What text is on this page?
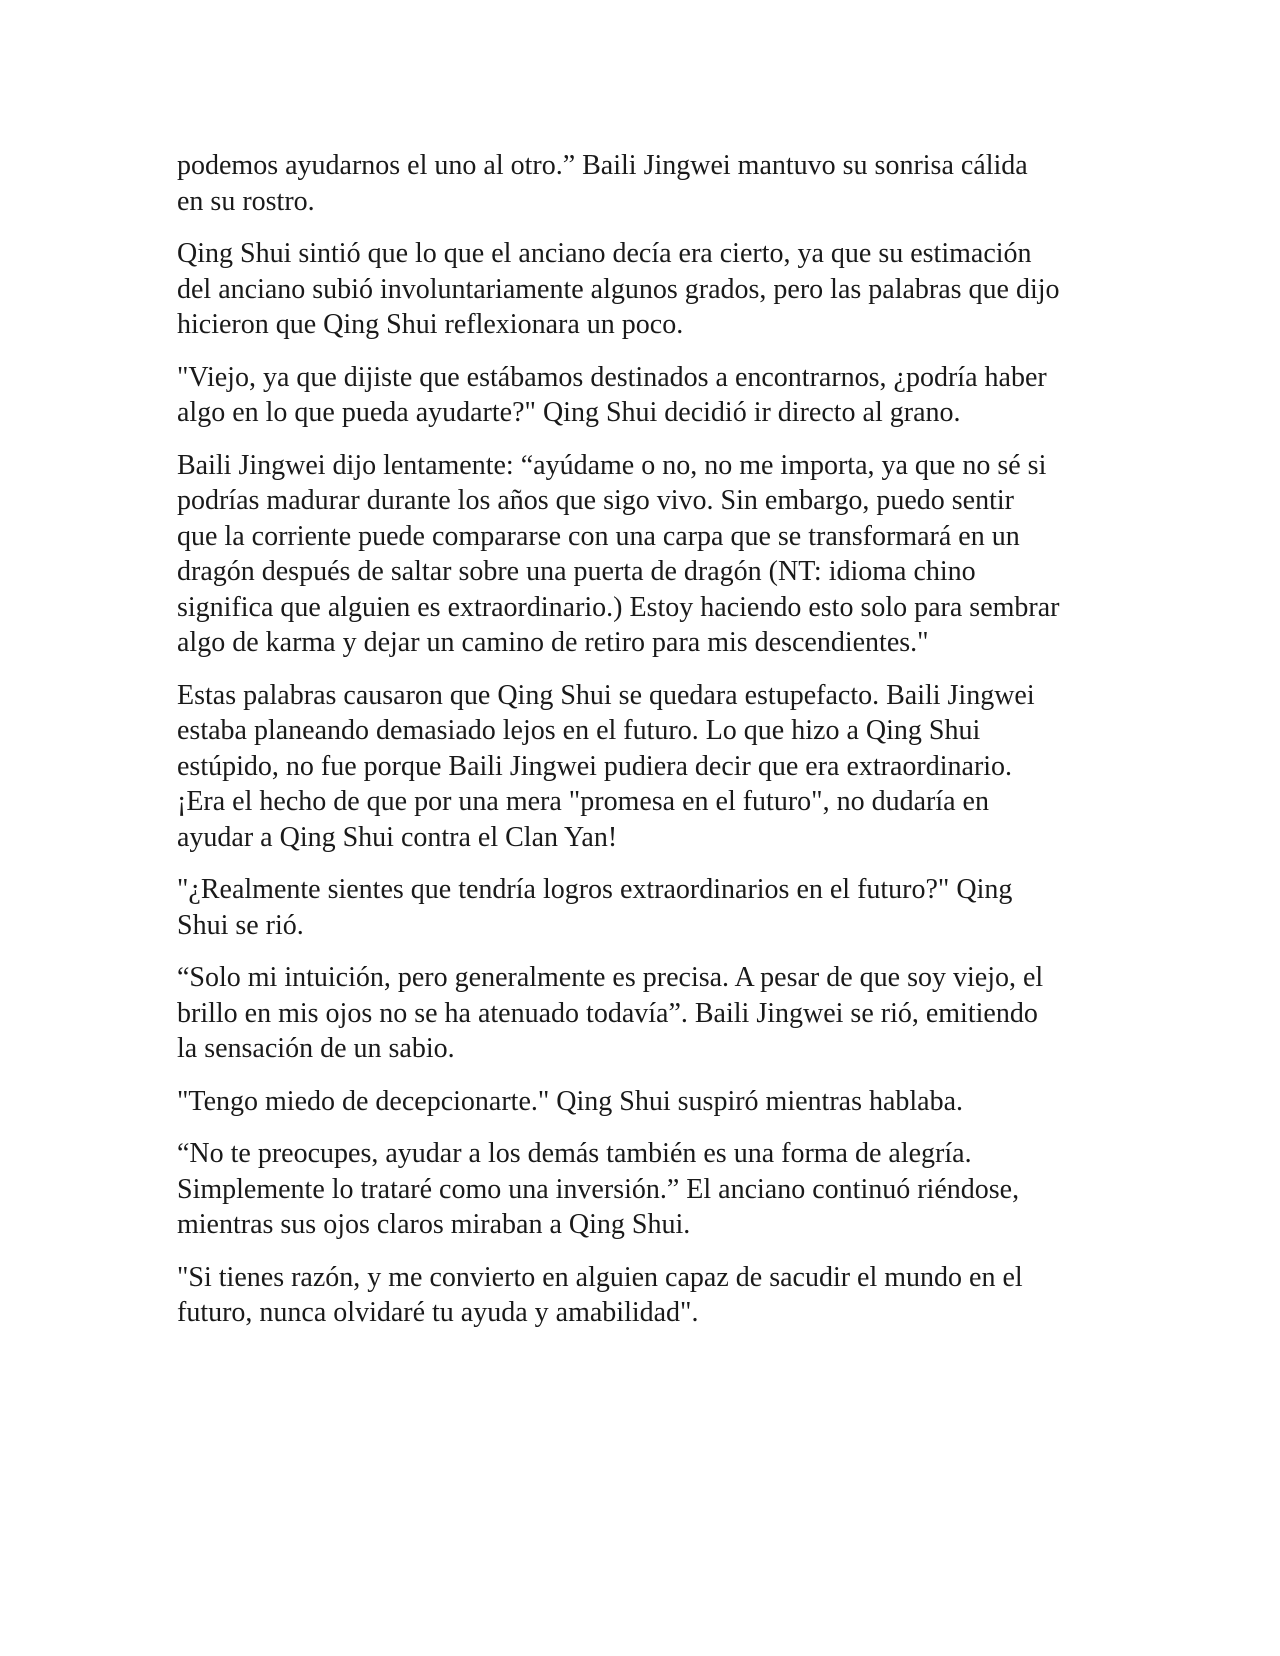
podemos ayudarnos el uno al otro.” Baili Jingwei mantuvo su sonrisa cálida
en su rostro.

Qing Shui sintió que lo que el anciano decía era cierto, ya que su estimación
del anciano subió involuntariamente algunos grados, pero las palabras que dijo
hicieron que Qing Shui reflexionara un poco.

"Viejo, ya que dijiste que estábamos destinados a encontrarnos, ¿podría haber
algo en lo que pueda ayudarte?" Qing Shui decidió ir directo al grano.

Baili Jingwei dijo lentamente: “ayúdame o no, no me importa, ya que no sé si
podrías madurar durante los años que sigo vivo. Sin embargo, puedo sentir
que la corriente puede compararse con una carpa que se transformará en un
dragón después de saltar sobre una puerta de dragón (NT: idioma chino
significa que alguien es extraordinario.) Estoy haciendo esto solo para sembrar
algo de karma y dejar un camino de retiro para mis descendientes."

Estas palabras causaron que Qing Shui se quedara estupefacto. Baili Jingwei
estaba planeando demasiado lejos en el futuro. Lo que hizo a Qing Shui
estúpido, no fue porque Baili Jingwei pudiera decir que era extraordinario.
¡Era el hecho de que por una mera "promesa en el futuro", no dudaría en
ayudar a Qing Shui contra el Clan Yan!

"¿Realmente sientes que tendría logros extraordinarios en el futuro?" Qing
Shui se rió.

“Solo mi intuición, pero generalmente es precisa. A pesar de que soy viejo, el
brillo en mis ojos no se ha atenuado todavía”. Baili Jingwei se rió, emitiendo
la sensación de un sabio.

"Tengo miedo de decepcionarte." Qing Shui suspiró mientras hablaba.

“No te preocupes, ayudar a los demás también es una forma de alegría.
Simplemente lo trataré como una inversión.” El anciano continuó riéndose,
mientras sus ojos claros miraban a Qing Shui.

"Si tienes razón, y me convierto en alguien capaz de sacudir el mundo en el
futuro, nunca olvidaré tu ayuda y amabilidad".
